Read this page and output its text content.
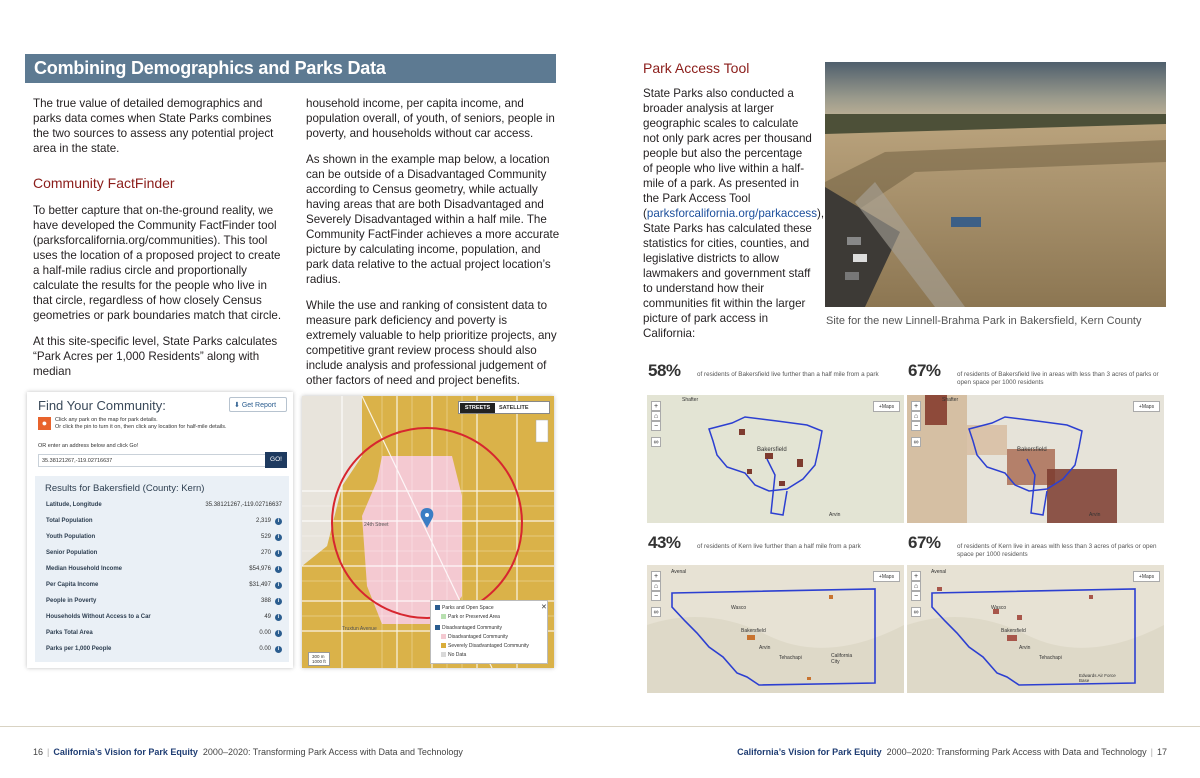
Combining Demographics and Parks Data

The true value of detailed demographics and parks data comes when State Parks combines the two sources to assess any potential project area in the state.

Community FactFinder

To better capture that on-the-ground reality, we have developed the Community FactFinder tool (parksforcalifornia.org/communities). This tool uses the location of a proposed project to create a half-mile radius circle and proportionally calculate the results for the people who live in that circle, regardless of how closely Census geometries or park boundaries match that circle.

At this site-specific level, State Parks calculates “Park Acres per 1,000 Residents” along with median

household income, per capita income, and population overall, of youth, of seniors, people in poverty, and households without car access.

As shown in the example map below, a location can be outside of a Disadvantaged Community according to Census geometry, while actually having areas that are both Disadvantaged and Severely Disadvantaged within a half mile. The Community FactFinder achieves a more accurate picture by calculating income, population, and park data relative to the actual project location’s radius.

While the use and ranking of consistent data to measure park deficiency and poverty is extremely valuable to help prioritize projects, any competitive grant review process should also include analysis and professional judgement of other factors of need and project benefits.

Find Your Community:	⬇ Get Report
●	Click any park on the map for park details.
Or click the pin to turn it on, then click any location for half-mile details.
OR enter an address below and click Go!
35.38121267,-119.02716637	GO!
Results for Bakersfield (County: Kern)
Latitude, Longitude	35.38121267,-119.02716637
Total Population	2,319	i
Youth Population	529	i
Senior Population	270	i
Median Household Income	$54,976	i
Per Capita Income	$31,497	i
People in Poverty	388	i
Households Without Access to a Car	49	i
Parks Total Area	0.00	i
Parks per 1,000 People	0.00	i
STREETS	SATELLITE
24th Street
Truxtun Avenue
300 m
1000 ft
Parks and Open Space
Park or Preserved Area
Disadvantaged Community
Disadvantaged Community
Severely Disadvantaged Community
No Data
✕
Park Access Tool
State Parks also conducted a broader analysis at larger geographic scales to calculate not only park acres per thousand people but also the percentage of people who live within a half-mile of a park. As presented in the Park Access Tool (parksforcalifornia.org/parkaccess), State Parks has calculated these statistics for cities, counties, and legislative districts to allow lawmakers and government staff to understand how their communities fit within the larger picture of park access in California:
Site for the new Linnell-Brahma Park in Bakersfield, Kern County
58%	of residents of Bakersfield live further than a half mile from a park	67%	of residents of Bakersfield live in areas with less than 3 acres of parks or open space per 1000 residents
43%	of residents of Kern live further than a half mile from a park	67%	of residents of Kern live in areas with less than 3 acres of parks or open space per 1000 residents
+
⌂
−
∞
+Maps
Bakersfield
Shafter
Arvin
+
⌂
−
∞
+Maps
Bakersfield
Shafter
Arvin
+
⌂
−
∞
+Maps
Bakersfield
Wasco
Avenal
Arvin
Tehachapi	California City
+
⌂
−
∞
+Maps
Bakersfield
Wasco
Avenal
Arvin
Tehachapi
Edwards Air Force Base
16 | California’s Vision for Park Equity 2000–2020: Transforming Park Access with Data and Technology	California’s Vision for Park Equity 2000–2020: Transforming Park Access with Data and Technology | 17
